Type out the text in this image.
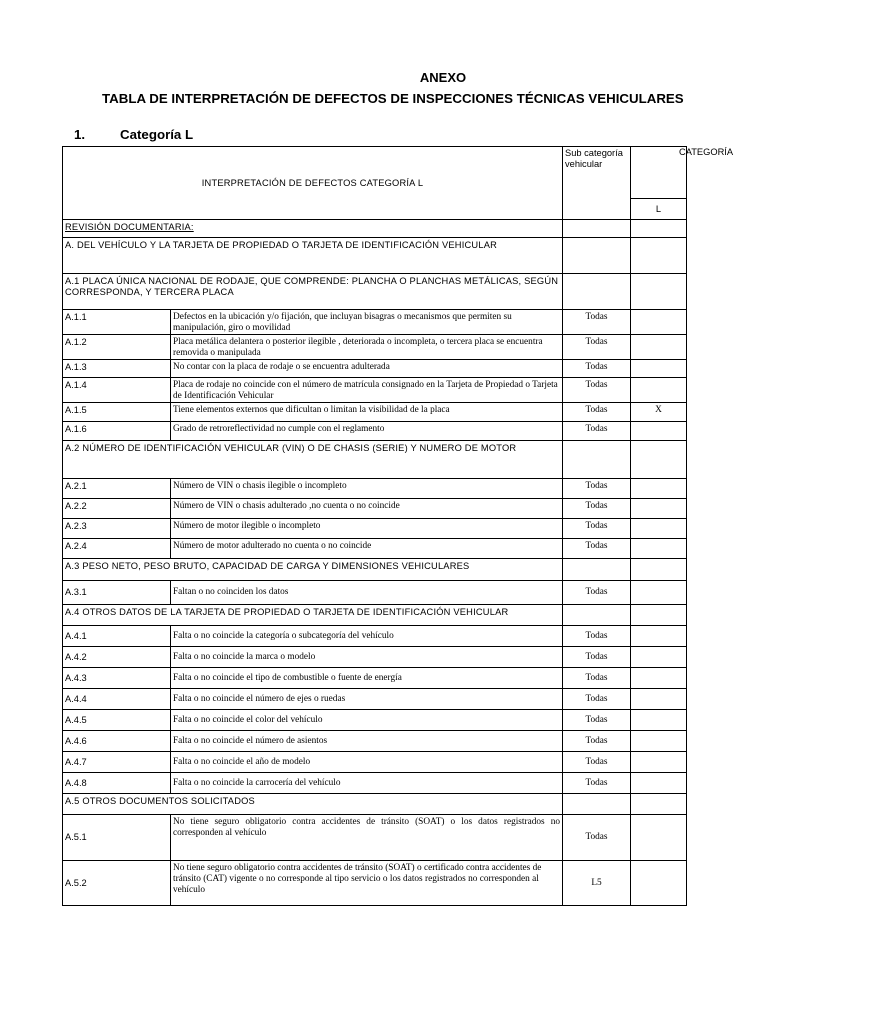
ANEXO
TABLA DE INTERPRETACIÓN DE DEFECTOS DE INSPECCIONES TÉCNICAS VEHICULARES
1.	Categoría L
INTERPRETACIÓN DE DEFECTOS CATEGORÍA L		Sub categoría vehicular	CATEGORÍA
			L
REVISIÓN DOCUMENTARIA:			
A. DEL VEHÍCULO Y LA TARJETA DE PROPIEDAD O TARJETA DE IDENTIFICACIÓN VEHICULAR			
A.1 PLACA ÚNICA NACIONAL DE RODAJE, QUE COMPRENDE: PLANCHA O PLANCHAS METÁLICAS, SEGÚN CORRESPONDA, Y TERCERA PLACA			
A.1.1	Defectos en la ubicación y/o fijación, que incluyan bisagras o mecanismos que permiten su manipulación, giro o movilidad	Todas	
A.1.2	Placa metálica delantera o posterior ilegible , deteriorada o incompleta, o tercera placa se encuentra removida o manipulada	Todas	
A.1.3	No contar con la placa de rodaje o se encuentra adulterada	Todas	
A.1.4	Placa de rodaje no coincide con el número de matrícula consignado en la Tarjeta de Propiedad o Tarjeta de Identificación Vehicular	Todas	
A.1.5	Tiene elementos externos que dificultan o limitan la visibilidad de la placa	Todas	X
A.1.6	Grado de retroreflectividad no cumple con el reglamento	Todas	
A.2 NÚMERO DE IDENTIFICACIÓN VEHICULAR (VIN) O DE CHASIS (SERIE) Y NUMERO DE MOTOR			
A.2.1	Número de VIN o chasis ilegible o incompleto	Todas	
A.2.2	Número de VIN o chasis adulterado ,no cuenta o no coincide	Todas	
A.2.3	Número de motor ilegible o incompleto	Todas	
A.2.4	Número de motor adulterado no cuenta o no coincide	Todas	
A.3 PESO NETO, PESO BRUTO, CAPACIDAD DE CARGA Y DIMENSIONES VEHICULARES			
A.3.1	Faltan o no coinciden los datos	Todas	
A.4 OTROS DATOS DE LA TARJETA DE PROPIEDAD O TARJETA DE IDENTIFICACIÓN VEHICULAR			
A.4.1	Falta o no coincide la categoría o subcategoría del vehículo	Todas	
A.4.2	Falta o no coincide la marca o modelo	Todas	
A.4.3	Falta o no coincide el tipo de combustible o fuente de energía	Todas	
A.4.4	Falta o no coincide el número de ejes o ruedas	Todas	
A.4.5	Falta o no coincide el color del vehículo	Todas	
A.4.6	Falta o no coincide el número de asientos	Todas	
A.4.7	Falta o no coincide el año de modelo	Todas	
A.4.8	Falta o no coincide la carrocería del vehículo	Todas	
A.5 OTROS DOCUMENTOS SOLICITADOS			
A.5.1	No tiene seguro obligatorio contra accidentes de tránsito (SOAT) o los datos registrados no corresponden al vehículo	Todas	
A.5.2	No tiene seguro obligatorio contra accidentes de tránsito (SOAT) o certificado contra accidentes de tránsito (CAT) vigente o no corresponde al tipo servicio o los datos registrados no corresponden al vehículo	L5	
